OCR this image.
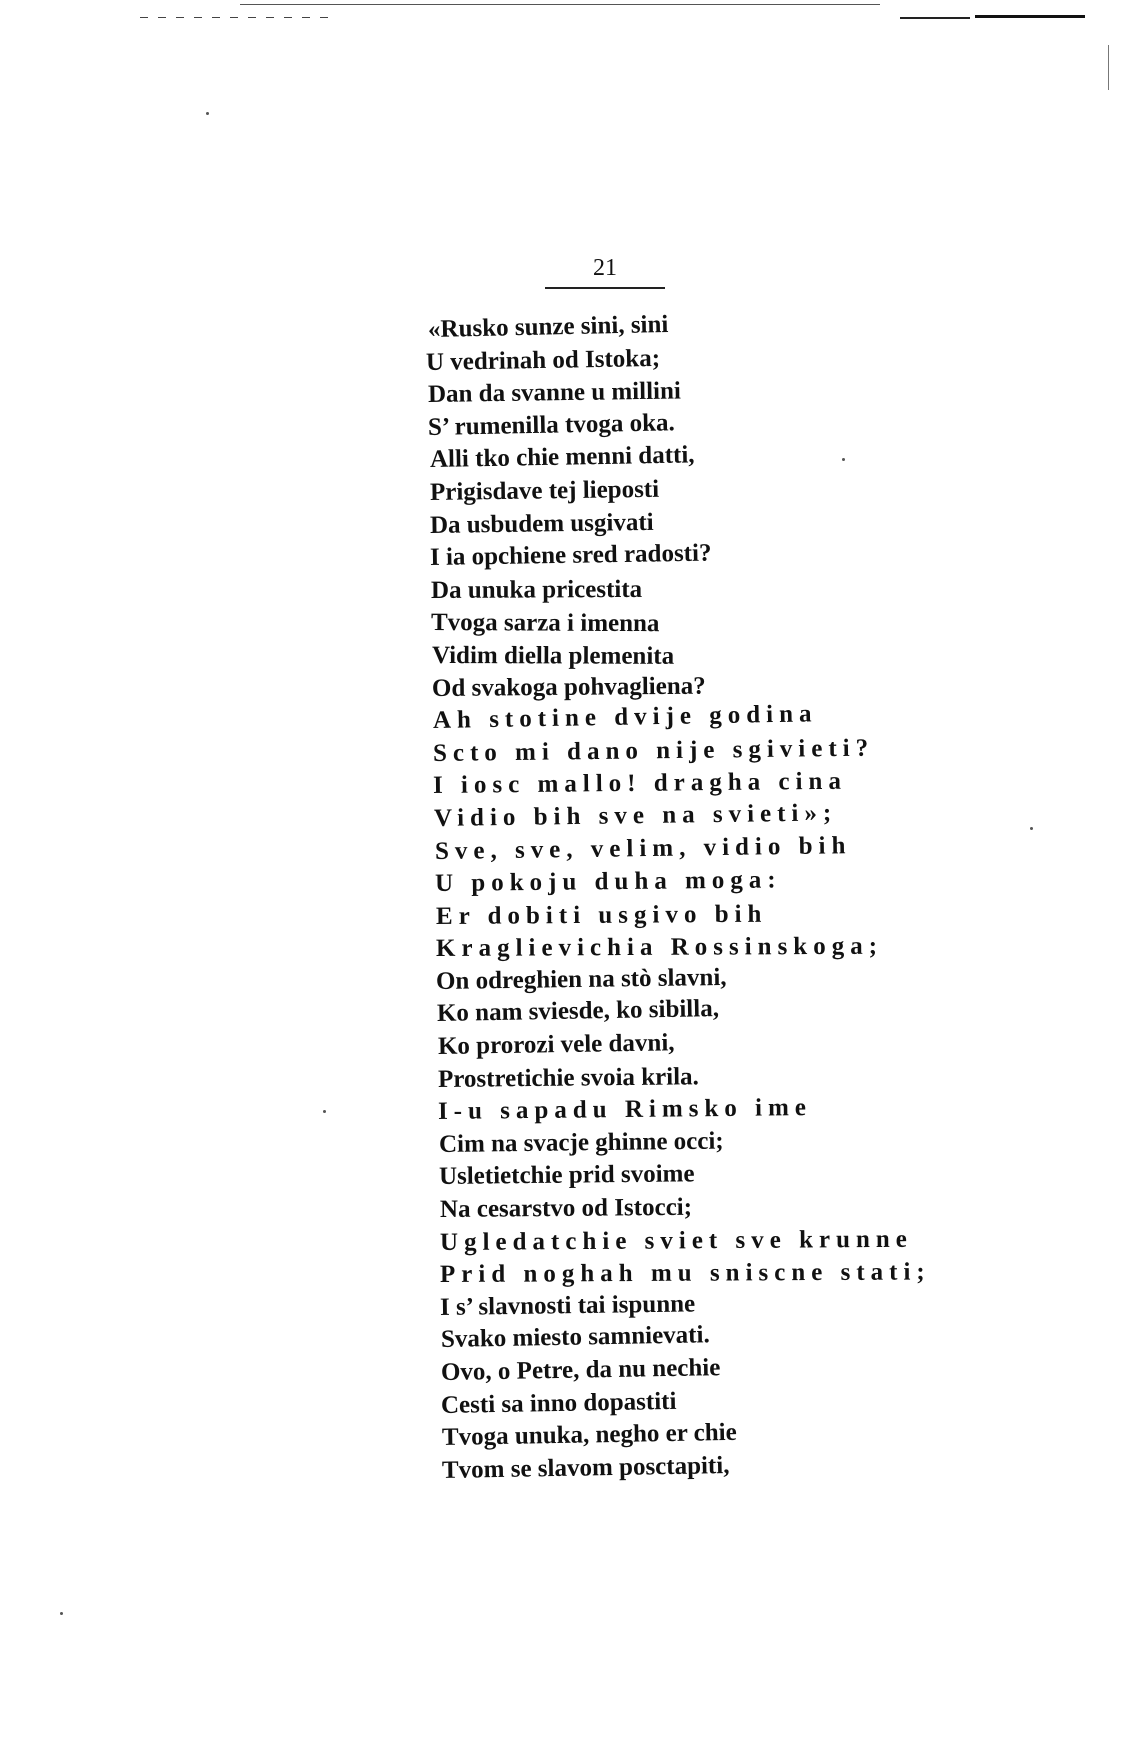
21
«Rusko sunze sini, sini
U vedrinah od Istoka;
Dan da svanne u millini
S’ rumenilla tvoga oka.
Alli tko chie menni datti,
Prigisdave tej lieposti
Da usbudem usgivati
I ia opchiene sred radosti?
Da unuka pricestita
Tvoga sarza i imenna
Vidim diella plemenita
Od svakoga pohvagliena?
Ah stotine dvije godina
Scto mi dano nije sgivieti?
I iosc mallo! dragha cina
Vidio bih sve na svieti»;
Sve, sve, velim, vidio bih
U pokoju duha moga:
Er dobiti usgivo bih
Kraglievichia Rossinskoga;
On odreghien na stò slavni,
Ko nam sviesde, ko sibilla,
Ko prorozi vele davni,
Prostretichie svoia krila.
I-u sapadu Rimsko ime
Cim na svacje ghinne occi;
Usletietchie prid svoime
Na cesarstvo od Istocci;
Ugledatchie sviet sve krunne
Prid noghah mu sniscne stati;
I s’ slavnosti tai ispunne
Svako miesto samnievati.
Ovo, o Petre, da nu nechie
Cesti sa inno dopastiti
Tvoga unuka, negho er chie
Tvom se slavom posctapiti,
